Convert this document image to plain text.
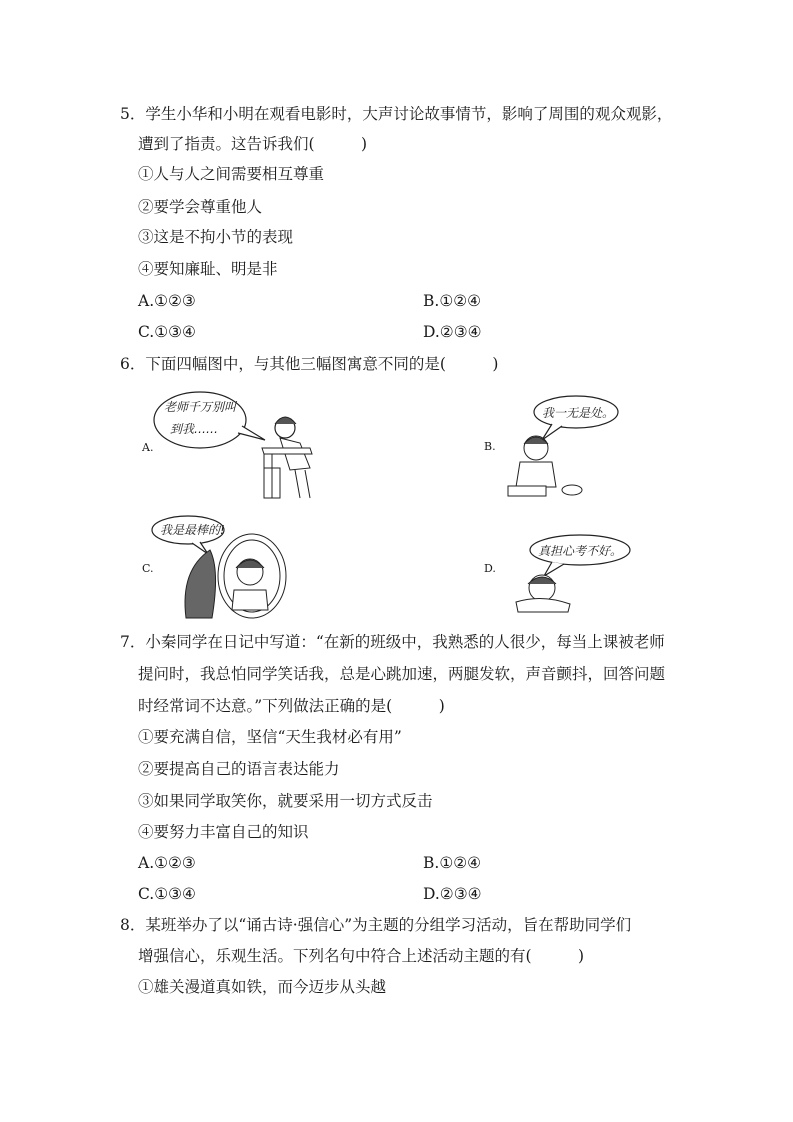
5．学生小华和小明在观看电影时，大声讨论故事情节，影响了周围的观众观影，
遭到了指责。这告诉我们(　　　)
①人与人之间需要相互尊重
②要学会尊重他人
③这是不拘小节的表现
④要知廉耻、明是非
A.①②③	B.①②④
C.①③④	D.②③④
6．下面四幅图中，与其他三幅图寓意不同的是(　　　)
A.
老师千万别叫
到我……
B.
我一无是处。
C.
我是最棒的!
D.
真担心考不好。
7．小秦同学在日记中写道：“在新的班级中，我熟悉的人很少，每当上课被老师
提问时，我总怕同学笑话我，总是心跳加速，两腿发软，声音颤抖，回答问题
时经常词不达意。”下列做法正确的是(　　　)
①要充满自信，坚信“天生我材必有用”
②要提高自己的语言表达能力
③如果同学取笑你，就要采用一切方式反击
④要努力丰富自己的知识
A.①②③	B.①②④
C.①③④	D.②③④
8．某班举办了以“诵古诗·强信心”为主题的分组学习活动，旨在帮助同学们
增强信心，乐观生活。下列名句中符合上述活动主题的有(　　　)
①雄关漫道真如铁，而今迈步从头越
